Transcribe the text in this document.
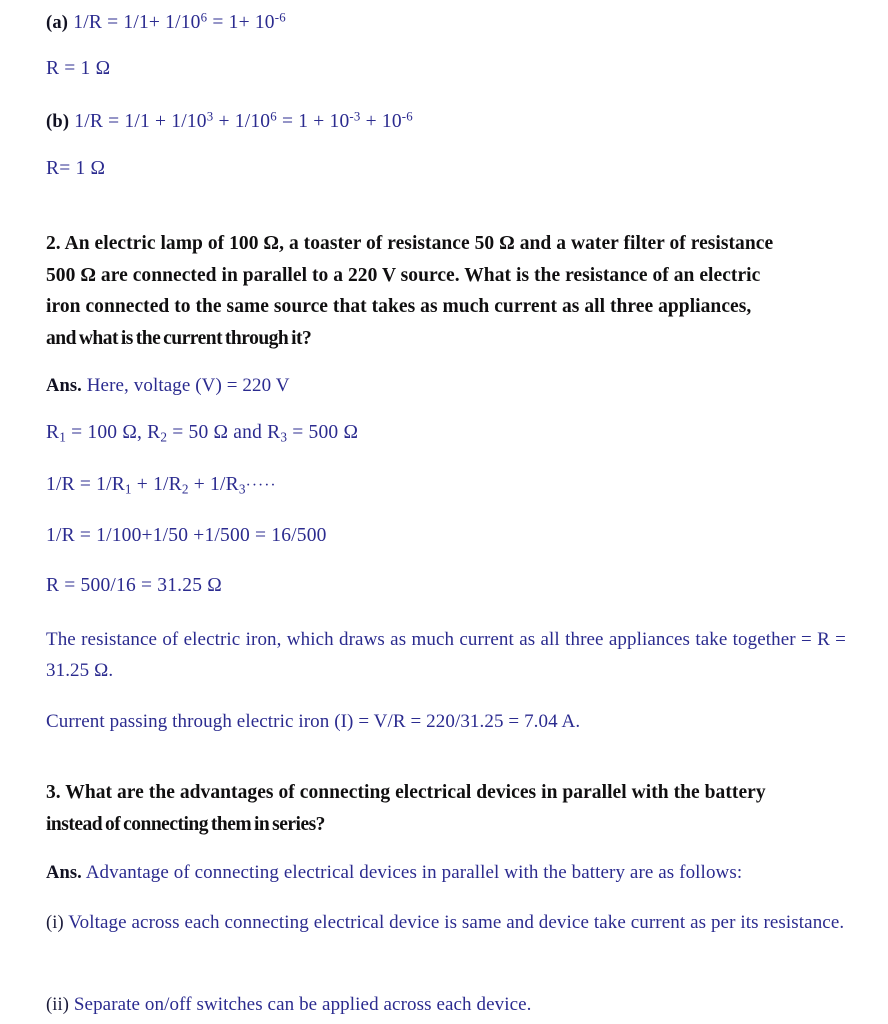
(a) $1/R = 1/1+ 1/10^6 = 1+ 10^{-6}$
R = 1 Ω
(b) $1/R = 1/1 + 1/10^3 + 1/10^6 = 1 + 10^{-3} + 10^{-6}$
R= 1 Ω
2. An electric lamp of 100 Ω, a toaster of resistance 50 Ω and a water filter of resistance
500 Ω are connected in parallel to a 220 V source. What is the resistance of an electric
iron connected to the same source that takes as much current as all three appliances,
and what is the current through it?
Ans. Here, voltage (V) = 220 V
$R_1 = 100$ Ω, $R_2 = 50$ Ω and $R_3 = 500$ Ω
$1/R = 1/R_1 + 1/R_2 + 1/R_3\cdot\cdot\cdot\cdot\cdot$
1/R = 1/100+1/50 +1/500 = 16/500
R = 500/16 = 31.25 Ω
The resistance of electric iron, which draws as much current as all three appliances take together = R = 31.25 Ω.
Current passing through electric iron (I) = V/R = 220/31.25 = 7.04 A.
3. What are the advantages of connecting electrical devices in parallel with the battery
instead of connecting them in series?
Ans. Advantage of connecting electrical devices in parallel with the battery are as follows:
(i) Voltage across each connecting electrical device is same and device take current as per its resistance.
(ii) Separate on/off switches can be applied across each device.
